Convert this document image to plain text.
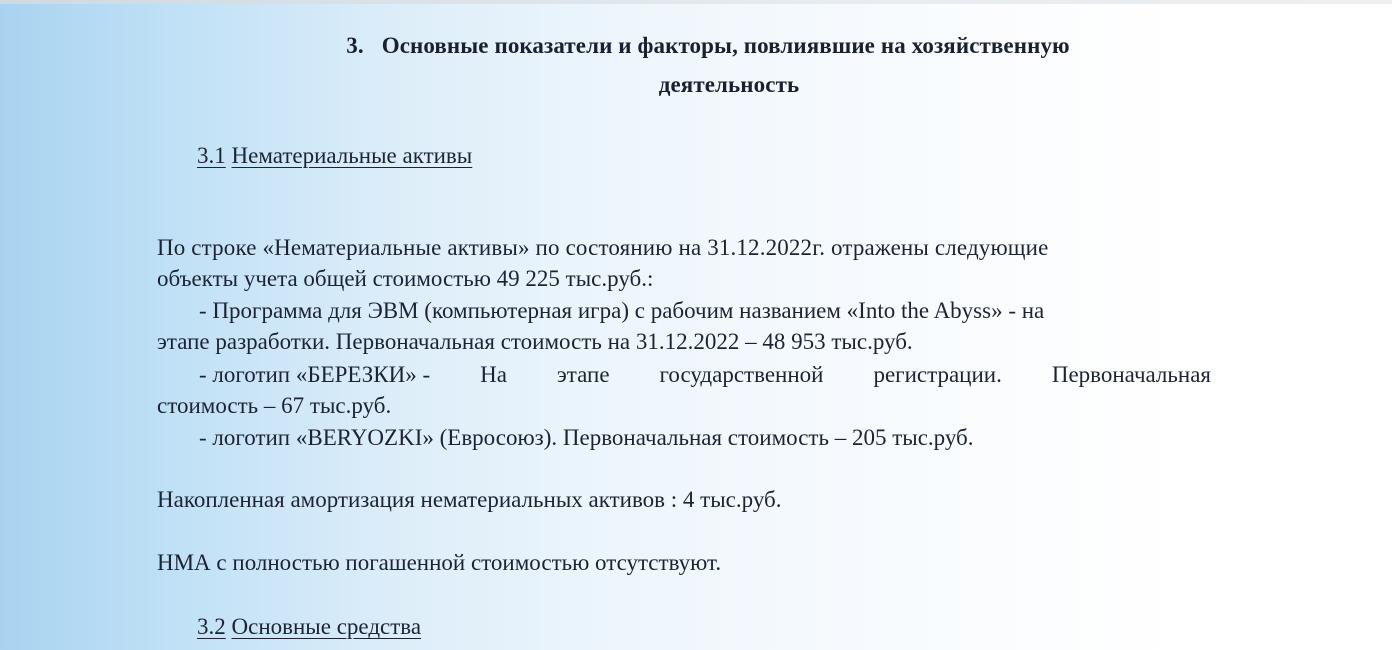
3. Основные показатели и факторы, повлиявшие на хозяйственную
деятельность
3.1 Нематериальные активы
По строке «Нематериальные активы» по состоянию на 31.12.2022г. отражены следующие
объекты учета общей стоимостью 49 225 тыс.руб.:
- Программа для ЭВМ (компьютерная игра) с рабочим названием «Into the Abyss» - на
этапе разработки. Первоначальная стоимость на 31.12.2022 – 48 953 тыс.руб.
- логотип «БЕРЕЗКИ» - На этапе государственной регистрации. Первоначальная
стоимость – 67 тыс.руб.
- логотип «BERYOZKI» (Евросоюз). Первоначальная стоимость – 205 тыс.руб.
Накопленная амортизация нематериальных активов : 4 тыс.руб.
НМА с полностью погашенной стоимостью отсутствуют.
3.2 Основные средства
